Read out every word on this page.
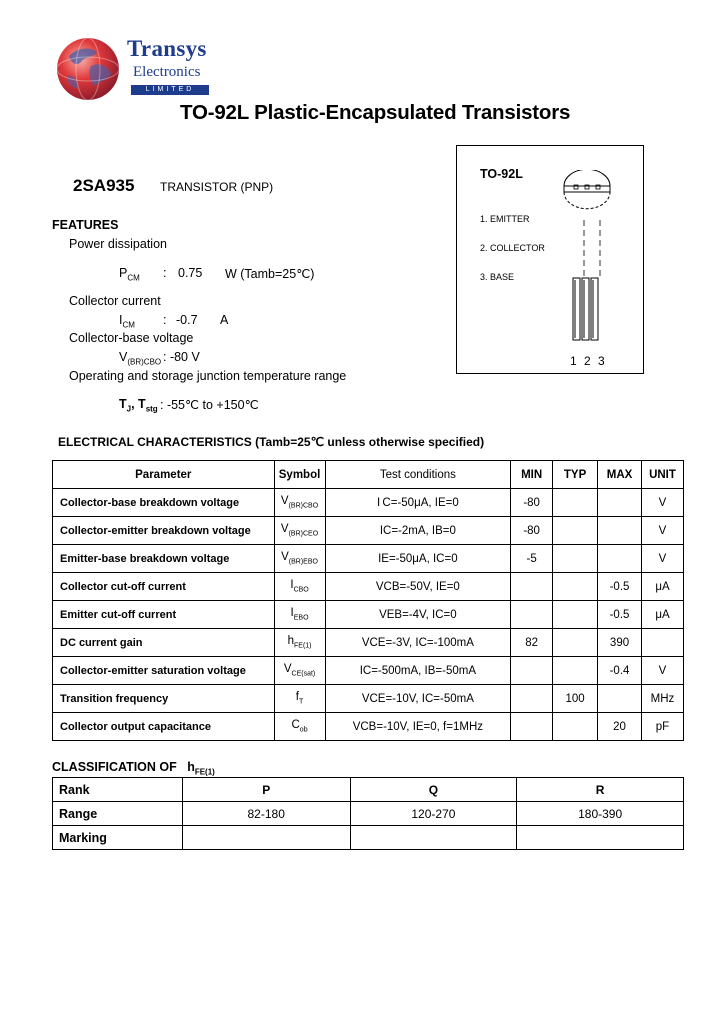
Transys
Electronics
LIMITED
TO-92L Plastic-Encapsulated Transistors
2SA935 TRANSISTOR (PNP)
TO-92L
1. EMITTER
2. COLLECTOR
3. BASE
1 2 3
FEATURES
Power dissipation
$P_{CM}$ : 0.75 W (Tamb=25℃)
Collector current
$I_{CM}$ : -0.7 A
Collector-base voltage
$V_{(BR)CBO}$ : -80 V
Operating and storage junction temperature range
$T_J$, $T_{stg}$ : -55℃ to +150℃
ELECTRICAL CHARACTERISTICS (Tamb=25℃ unless otherwise specified)
Parameter	Symbol	Test conditions	MIN	TYP	MAX	UNIT
Collector-base breakdown voltage	$V_{(BR)CBO}$	I C=-50μA, IE=0	-80			V
Collector-emitter breakdown voltage	$V_{(BR)CEO}$	IC=-2mA, IB=0	-80			V
Emitter-base breakdown voltage	$V_{(BR)EBO}$	IE=-50μA, IC=0	-5			V
Collector cut-off current	$I_{CBO}$	VCB=-50V, IE=0			-0.5	μA
Emitter cut-off current	$I_{EBO}$	VEB=-4V, IC=0			-0.5	μA
DC current gain	$h_{FE(1)}$	VCE=-3V, IC=-100mA	82		390	
Collector-emitter saturation voltage	$V_{CE(sat)}$	IC=-500mA, IB=-50mA			-0.4	V
Transition frequency	$f_T$	VCE=-10V, IC=-50mA		100		MHz
Collector output capacitance	$C_{ob}$	VCB=-10V, IE=0, f=1MHz			20	pF
CLASSIFICATION OF $h_{FE(1)}$
Rank	P	Q	R
Range	82-180	120-270	180-390
Marking			
